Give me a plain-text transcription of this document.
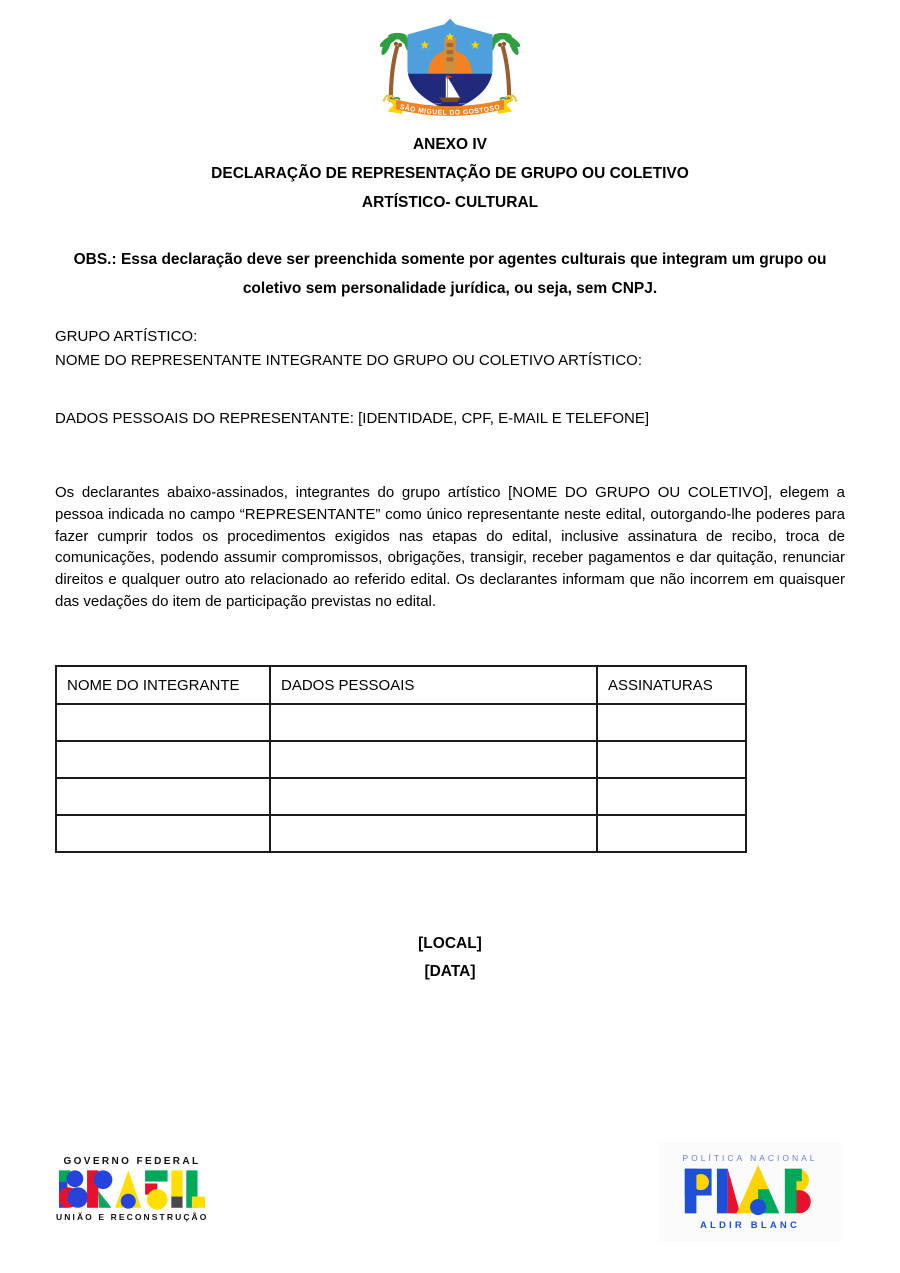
SÃO MIGUEL DO GOSTOSO
ANEXO IV
DECLARAÇÃO DE REPRESENTAÇÃO DE GRUPO OU COLETIVO
ARTÍSTICO- CULTURAL
OBS.: Essa declaração deve ser preenchida somente por agentes culturais que integram um grupo ou coletivo sem personalidade jurídica, ou seja, sem CNPJ.
GRUPO ARTÍSTICO:
NOME DO REPRESENTANTE INTEGRANTE DO GRUPO OU COLETIVO ARTÍSTICO:
DADOS PESSOAIS DO REPRESENTANTE: [IDENTIDADE, CPF, E-MAIL E TELEFONE]
Os declarantes abaixo-assinados, integrantes do grupo artístico [NOME DO GRUPO OU COLETIVO], elegem a pessoa indicada no campo “REPRESENTANTE” como único representante neste edital, outorgando-lhe poderes para fazer cumprir todos os procedimentos exigidos nas etapas do edital, inclusive assinatura de recibo, troca de comunicações, podendo assumir compromissos, obrigações, transigir, receber pagamentos e dar quitação, renunciar direitos e qualquer outro ato relacionado ao referido edital. Os declarantes informam que não incorrem em quaisquer das vedações do item de participação previstas no edital.
NOME DO INTEGRANTE	DADOS PESSOAIS	ASSINATURAS

[LOCAL]
[DATA]
GOVERNO FEDERAL
UNIÃO E RECONSTRUÇÃO
POLÍTICA NACIONAL
ALDIR BLANC
